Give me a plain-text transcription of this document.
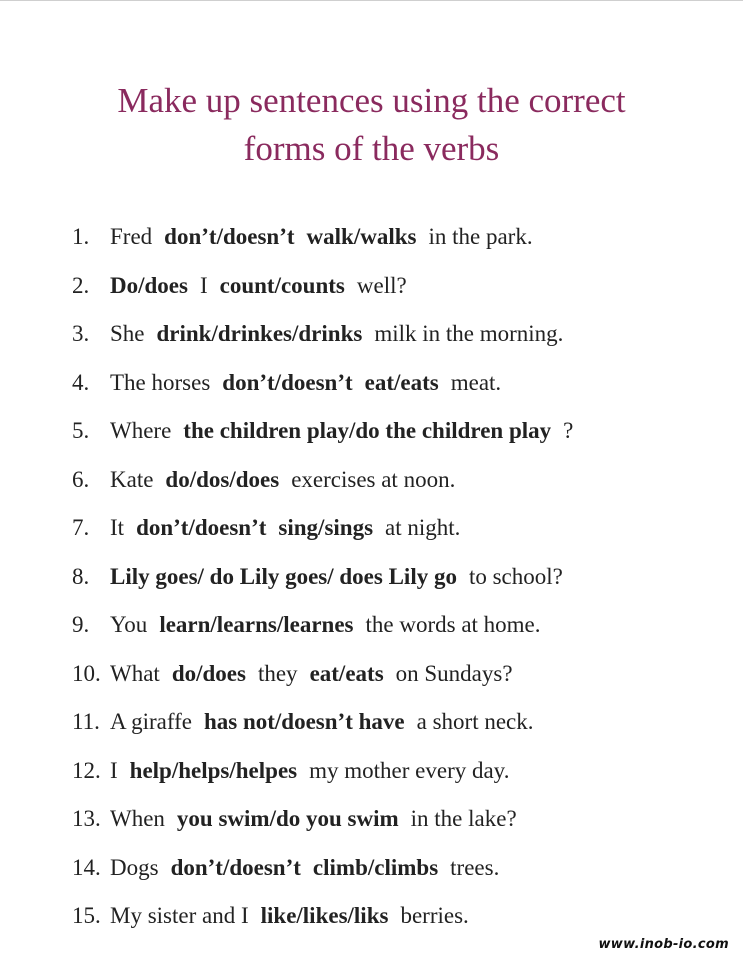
Make up sentences using the correct
forms of the verbs
1. Fred don’t/doesn’t walk/walks in the park.
2. Do/does I count/counts well?
3. She drink/drinkes/drinks milk in the morning.
4. The horses don’t/doesn’t eat/eats meat.
5. Where the children play/do the children play ?
6. Kate do/dos/does exercises at noon.
7. It don’t/doesn’t sing/sings at night.
8. Lily goes/ do Lily goes/ does Lily go to school?
9. You learn/learns/learnes the words at home.
10. What do/does they eat/eats on Sundays?
11. A giraffe has not/doesn’t have a short neck.
12. I help/helps/helpes my mother every day.
13. When you swim/do you swim in the lake?
14. Dogs don’t/doesn’t climb/climbs trees.
15. My sister and I like/likes/liks berries.
www.inob-io.com
